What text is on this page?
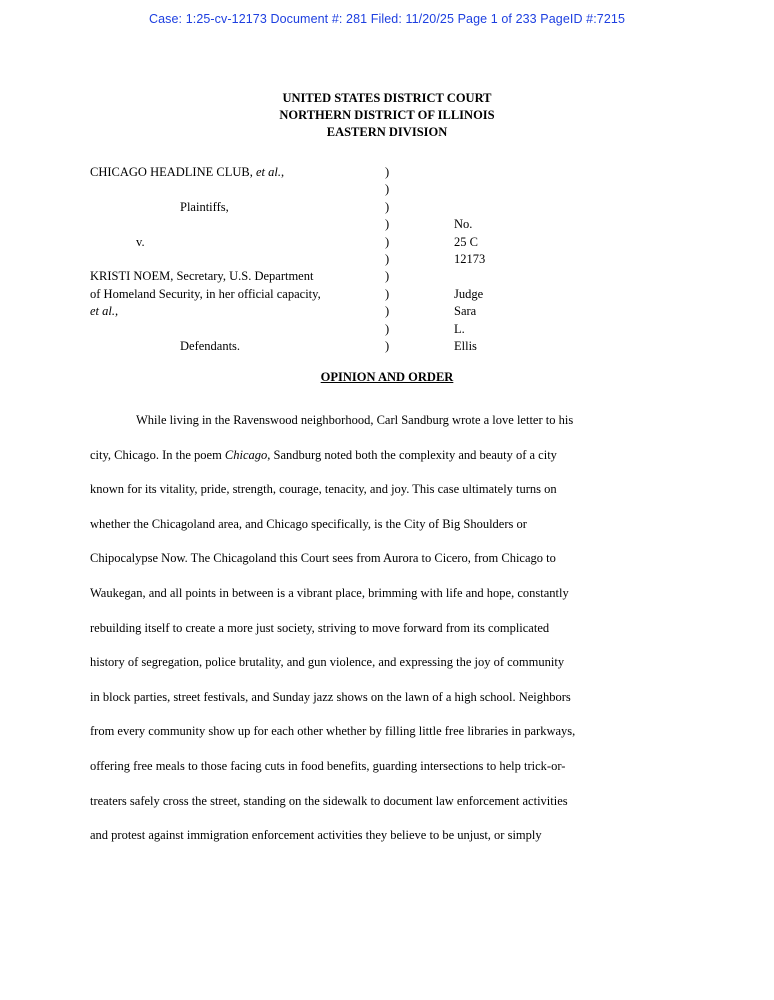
Case: 1:25-cv-12173 Document #: 281 Filed: 11/20/25 Page 1 of 233 PageID #:7215
UNITED STATES DISTRICT COURT
NORTHERN DISTRICT OF ILLINOIS
EASTERN DIVISION
CHICAGO HEADLINE CLUB, et al.,

Plaintiffs,

v.

KRISTI NOEM, Secretary, U.S. Department
of Homeland Security, in her official capacity,
et al.,

Defendants.
)
)
)
)
)
)
)
)
)
)
)

No. 25 C 12173

Judge Sara L. Ellis
OPINION AND ORDER
While living in the Ravenswood neighborhood, Carl Sandburg wrote a love letter to his
city, Chicago. In the poem Chicago, Sandburg noted both the complexity and beauty of a city
known for its vitality, pride, strength, courage, tenacity, and joy. This case ultimately turns on
whether the Chicagoland area, and Chicago specifically, is the City of Big Shoulders or
Chipocalypse Now. The Chicagoland this Court sees from Aurora to Cicero, from Chicago to
Waukegan, and all points in between is a vibrant place, brimming with life and hope, constantly
rebuilding itself to create a more just society, striving to move forward from its complicated
history of segregation, police brutality, and gun violence, and expressing the joy of community
in block parties, street festivals, and Sunday jazz shows on the lawn of a high school. Neighbors
from every community show up for each other whether by filling little free libraries in parkways,
offering free meals to those facing cuts in food benefits, guarding intersections to help trick-or-
treaters safely cross the street, standing on the sidewalk to document law enforcement activities
and protest against immigration enforcement activities they believe to be unjust, or simply
